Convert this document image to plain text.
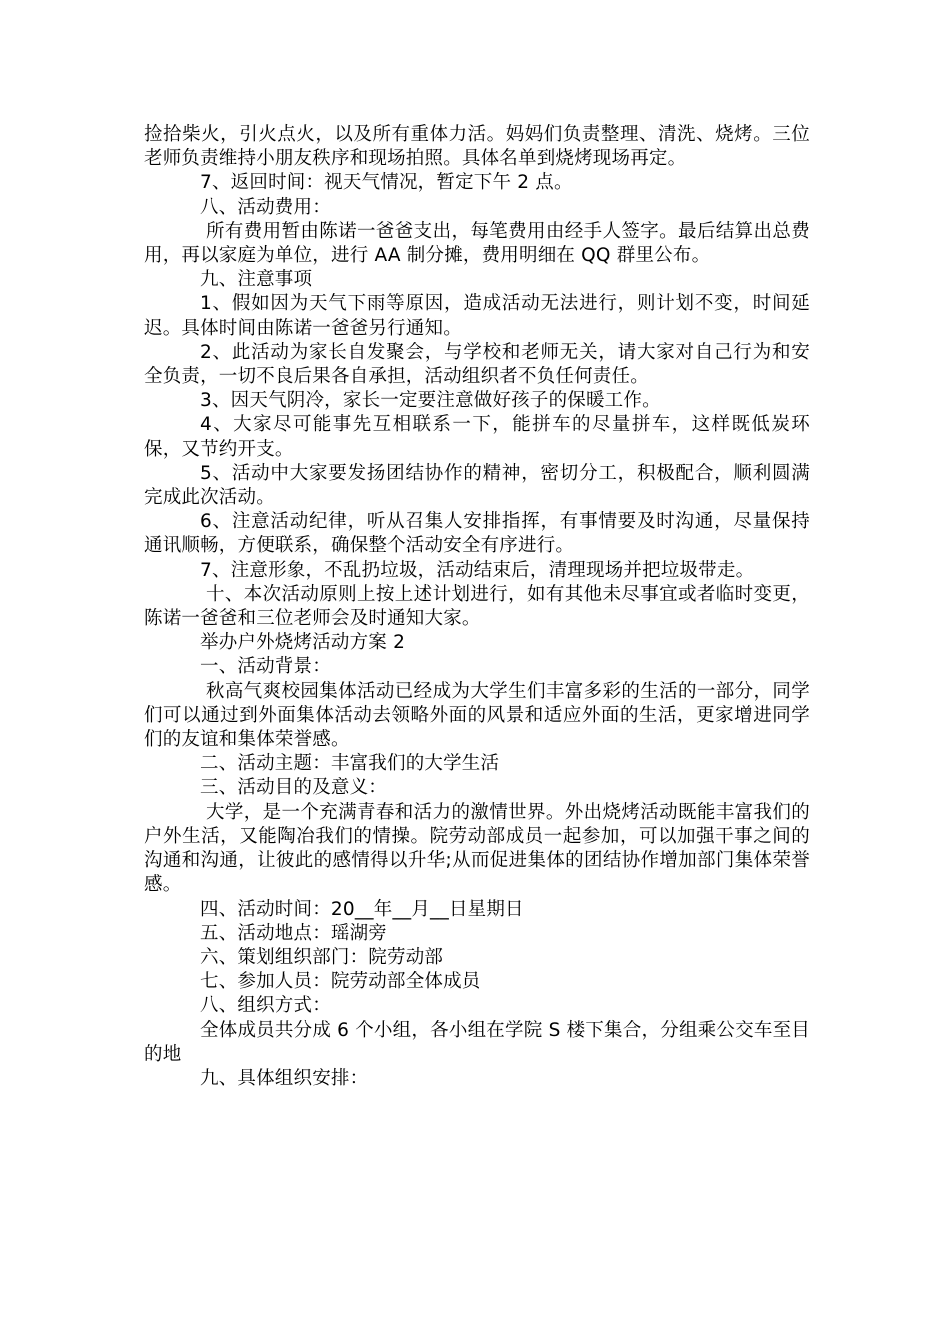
捡拾柴火，引火点火，以及所有重体力活。妈妈们负责整理、清洗、烧烤。三位老师负责维持小朋友秩序和现场拍照。具体名单到烧烤现场再定。

7、返回时间：视天气情况，暂定下午 2 点。

八、活动费用：

所有费用暂由陈诺一爸爸支出，每笔费用由经手人签字。最后结算出总费用，再以家庭为单位，进行 AA 制分摊，费用明细在 QQ 群里公布。

九、注意事项

1、假如因为天气下雨等原因，造成活动无法进行，则计划不变，时间延迟。具体时间由陈诺一爸爸另行通知。

2、此活动为家长自发聚会，与学校和老师无关，请大家对自己行为和安全负责，一切不良后果各自承担，活动组织者不负任何责任。

3、因天气阴冷，家长一定要注意做好孩子的保暖工作。

4、大家尽可能事先互相联系一下，能拼车的尽量拼车，这样既低炭环保，又节约开支。

5、活动中大家要发扬团结协作的精神，密切分工，积极配合，顺利圆满完成此次活动。

6、注意活动纪律，听从召集人安排指挥，有事情要及时沟通，尽量保持通讯顺畅，方便联系，确保整个活动安全有序进行。

7、注意形象，不乱扔垃圾，活动结束后，清理现场并把垃圾带走。

十、本次活动原则上按上述计划进行，如有其他未尽事宜或者临时变更，陈诺一爸爸和三位老师会及时通知大家。

举办户外烧烤活动方案 2

一、活动背景：

秋高气爽校园集体活动已经成为大学生们丰富多彩的生活的一部分，同学们可以通过到外面集体活动去领略外面的风景和适应外面的生活，更家增进同学们的友谊和集体荣誉感。

二、活动主题：丰富我们的大学生活

三、活动目的及意义：

大学，是一个充满青春和活力的激情世界。外出烧烤活动既能丰富我们的户外生活，又能陶冶我们的情操。院劳动部成员一起参加，可以加强干事之间的沟通和沟通，让彼此的感情得以升华;从而促进集体的团结协作增加部门集体荣誉感。

四、活动时间：20__年__月__日星期日

五、活动地点：瑶湖旁

六、策划组织部门：院劳动部

七、参加人员：院劳动部全体成员

八、组织方式：

全体成员共分成 6 个小组，各小组在学院 S 楼下集合，分组乘公交车至目的地

九、具体组织安排：
